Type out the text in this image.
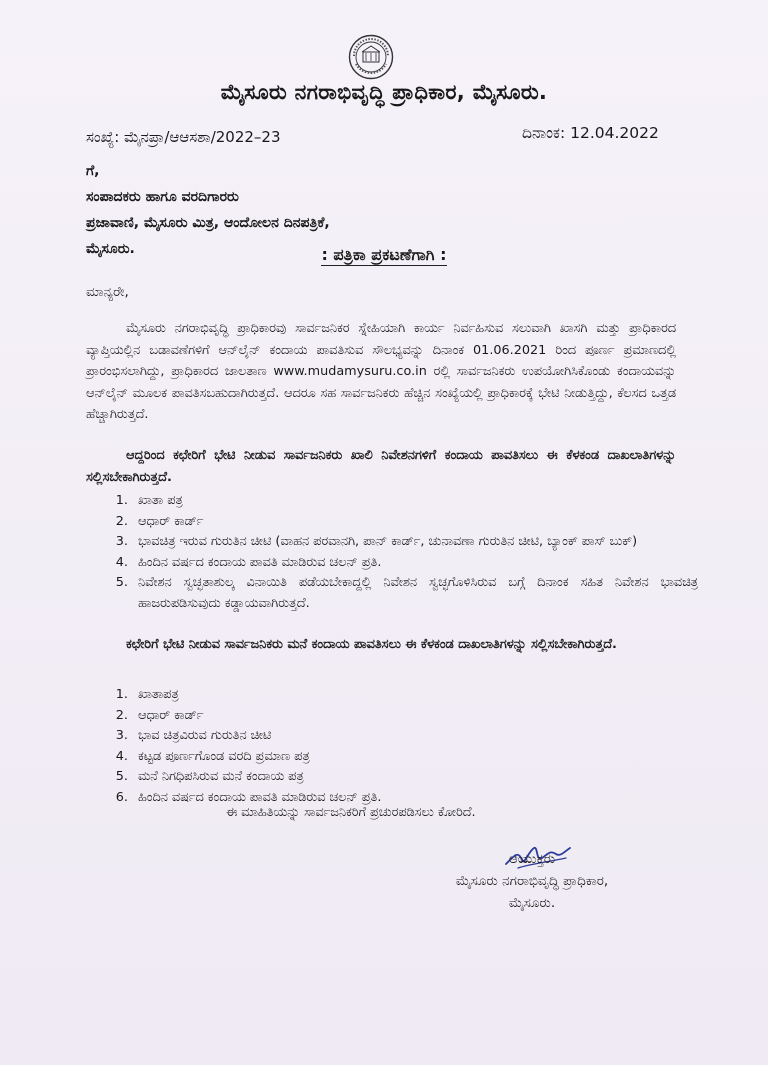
ಮೈಸೂರು ನಗರಾಭಿವೃದ್ಧಿ ಪ್ರಾಧಿಕಾರ, ಮೈಸೂರು.
ಸಂಖ್ಯೆ: ಮೈನಪ್ರಾ/ಆಆಸಶಾ/2022–23	ದಿನಾಂಕ: 12.04.2022
ಗೆ,
ಸಂಪಾದಕರು ಹಾಗೂ ವರದಿಗಾರರು
ಪ್ರಜಾವಾಣಿ, ಮೈಸೂರು ಮಿತ್ರ, ಆಂದೋಲನ ದಿನಪತ್ರಿಕೆ,
ಮೈಸೂರು.	: ಪತ್ರಿಕಾ ಪ್ರಕಟಣೆಗಾಗಿ :
ಮಾನ್ಯರೇ,
ಮೈಸೂರು ನಗರಾಭಿವೃದ್ಧಿ ಪ್ರಾಧಿಕಾರವು ಸಾರ್ವಜನಿಕರ ಸ್ನೇಹಿಯಾಗಿ ಕಾರ್ಯ ನಿರ್ವಹಿಸುವ ಸಲುವಾಗಿ ಖಾಸಗಿ ಮತ್ತು ಪ್ರಾಧಿಕಾರದ ವ್ಯಾಪ್ತಿಯಲ್ಲಿನ ಬಡಾವಣೆಗಳಿಗೆ ಆನ್‌ಲೈನ್ ಕಂದಾಯ ಪಾವತಿಸುವ ಸೌಲಭ್ಯವನ್ನು ದಿನಾಂಕ 01.06.2021 ರಿಂದ ಪೂರ್ಣ ಪ್ರಮಾಣದಲ್ಲಿ ಪ್ರಾರಂಭಿಸಲಾಗಿದ್ದು, ಪ್ರಾಧಿಕಾರದ ಜಾಲತಾಣ www.mudamysuru.co.in ರಲ್ಲಿ ಸಾರ್ವಜನಿಕರು ಉಪಯೋಗಿಸಿಕೊಂಡು ಕಂದಾಯವನ್ನು ಆನ್‌ಲೈನ್ ಮೂಲಕ ಪಾವತಿಸಬಹುದಾಗಿರುತ್ತದೆ. ಆದರೂ ಸಹ ಸಾರ್ವಜನಿಕರು ಹೆಚ್ಚಿನ ಸಂಖ್ಯೆಯಲ್ಲಿ ಪ್ರಾಧಿಕಾರಕ್ಕೆ ಭೇಟಿ ನೀಡುತ್ತಿದ್ದು, ಕೆಲಸದ ಒತ್ತಡ ಹೆಚ್ಚಾಗಿರುತ್ತದೆ.
ಆದ್ದರಿಂದ ಕಛೇರಿಗೆ ಭೇಟಿ ನೀಡುವ ಸಾರ್ವಜನಿಕರು ಖಾಲಿ ನಿವೇಶನಗಳಿಗೆ ಕಂದಾಯ ಪಾವತಿಸಲು ಈ ಕೆಳಕಂಡ ದಾಖಲಾತಿಗಳನ್ನು ಸಲ್ಲಿಸಬೇಕಾಗಿರುತ್ತದೆ.
1. ಖಾತಾ ಪತ್ರ
2. ಆಧಾರ್ ಕಾರ್ಡ್
3. ಭಾವಚಿತ್ರ ಇರುವ ಗುರುತಿನ ಚೀಟಿ (ವಾಹನ ಪರವಾನಗಿ, ಪಾನ್ ಕಾರ್ಡ್, ಚುನಾವಣಾ ಗುರುತಿನ ಚೀಟಿ, ಬ್ಯಾಂಕ್ ಪಾಸ್ ಬುಕ್)
4. ಹಿಂದಿನ ವರ್ಷದ ಕಂದಾಯ ಪಾವತಿ ಮಾಡಿರುವ ಚಲನ್ ಪ್ರತಿ.
5. ನಿವೇಶನ ಸ್ವಚ್ಛತಾಶುಲ್ಕ ವಿನಾಯಿತಿ ಪಡೆಯಬೇಕಾದ್ದಲ್ಲಿ ನಿವೇಶನ ಸ್ವಚ್ಛಗೊಳಿಸಿರುವ ಬಗ್ಗೆ ದಿನಾಂಕ ಸಹಿತ ನಿವೇಶನ ಭಾವಚಿತ್ರ ಹಾಜರುಪಡಿಸುವುದು ಕಡ್ಡಾಯವಾಗಿರುತ್ತದೆ.
ಕಛೇರಿಗೆ ಭೇಟಿ ನೀಡುವ ಸಾರ್ವಜನಿಕರು ಮನೆ ಕಂದಾಯ ಪಾವತಿಸಲು ಈ ಕೆಳಕಂಡ ದಾಖಲಾತಿಗಳನ್ನು ಸಲ್ಲಿಸಬೇಕಾಗಿರುತ್ತದೆ.
1. ಖಾತಾಪತ್ರ
2. ಆಧಾರ್ ಕಾರ್ಡ್
3. ಭಾವ ಚಿತ್ರವಿರುವ ಗುರುತಿನ ಚೀಟಿ
4. ಕಟ್ಟಡ ಪೂರ್ಣಗೊಂಡ ವರದಿ ಪ್ರಮಾಣ ಪತ್ರ
5. ಮನೆ ನಿಗಧಿಪಸಿರುವ ಮನೆ ಕಂದಾಯ ಪತ್ರ
6. ಹಿಂದಿನ ವರ್ಷದ ಕಂದಾಯ ಪಾವತಿ ಮಾಡಿರುವ ಚಲನ್ ಪ್ರತಿ.
ಈ ಮಾಹಿತಿಯನ್ನು ಸಾರ್ವಜನಿಕರಿಗೆ ಪ್ರಚುರಪಡಿಸಲು ಕೋರಿದೆ.
ಆಯುಕ್ತರು
ಮೈಸೂರು ನಗರಾಭಿವೃದ್ಧಿ ಪ್ರಾಧಿಕಾರ,
ಮೈಸೂರು.
